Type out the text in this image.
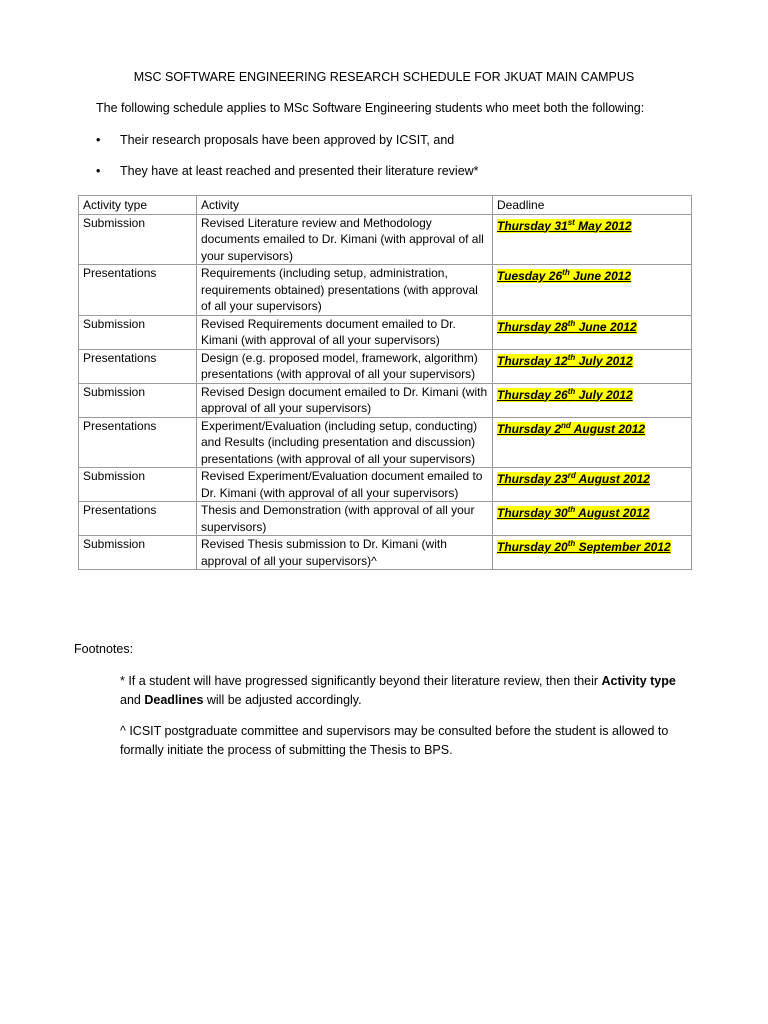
MSC SOFTWARE ENGINEERING RESEARCH SCHEDULE FOR JKUAT MAIN CAMPUS
The following schedule applies to MSc Software Engineering students who meet both the following:
• Their research proposals have been approved by ICSIT, and
• They have at least reached and presented their literature review*
Activity type	Activity	Deadline
Submission	Revised Literature review and Methodology documents emailed to Dr. Kimani (with approval of all your supervisors)	Thursday 31st May 2012
Presentations	Requirements (including setup, administration, requirements obtained) presentations (with approval of all your supervisors)	Tuesday 26th June 2012
Submission	Revised Requirements document emailed to Dr. Kimani (with approval of all your supervisors)	Thursday 28th June 2012
Presentations	Design (e.g. proposed model, framework, algorithm) presentations (with approval of all your supervisors)	Thursday 12th July 2012
Submission	Revised Design document emailed to Dr. Kimani (with approval of all your supervisors)	Thursday 26th July 2012
Presentations	Experiment/Evaluation (including setup, conducting) and Results (including presentation and discussion) presentations (with approval of all your supervisors)	Thursday 2nd August 2012
Submission	Revised Experiment/Evaluation document emailed to Dr. Kimani (with approval of all your supervisors)	Thursday 23rd August 2012
Presentations	Thesis and Demonstration (with approval of all your supervisors)	Thursday 30th August 2012
Submission	Revised Thesis submission to Dr. Kimani (with approval of all your supervisors)^	Thursday 20th September 2012
Footnotes:
* If a student will have progressed significantly beyond their literature review, then their Activity type and Deadlines will be adjusted accordingly.
^ ICSIT postgraduate committee and supervisors may be consulted before the student is allowed to formally initiate the process of submitting the Thesis to BPS.
